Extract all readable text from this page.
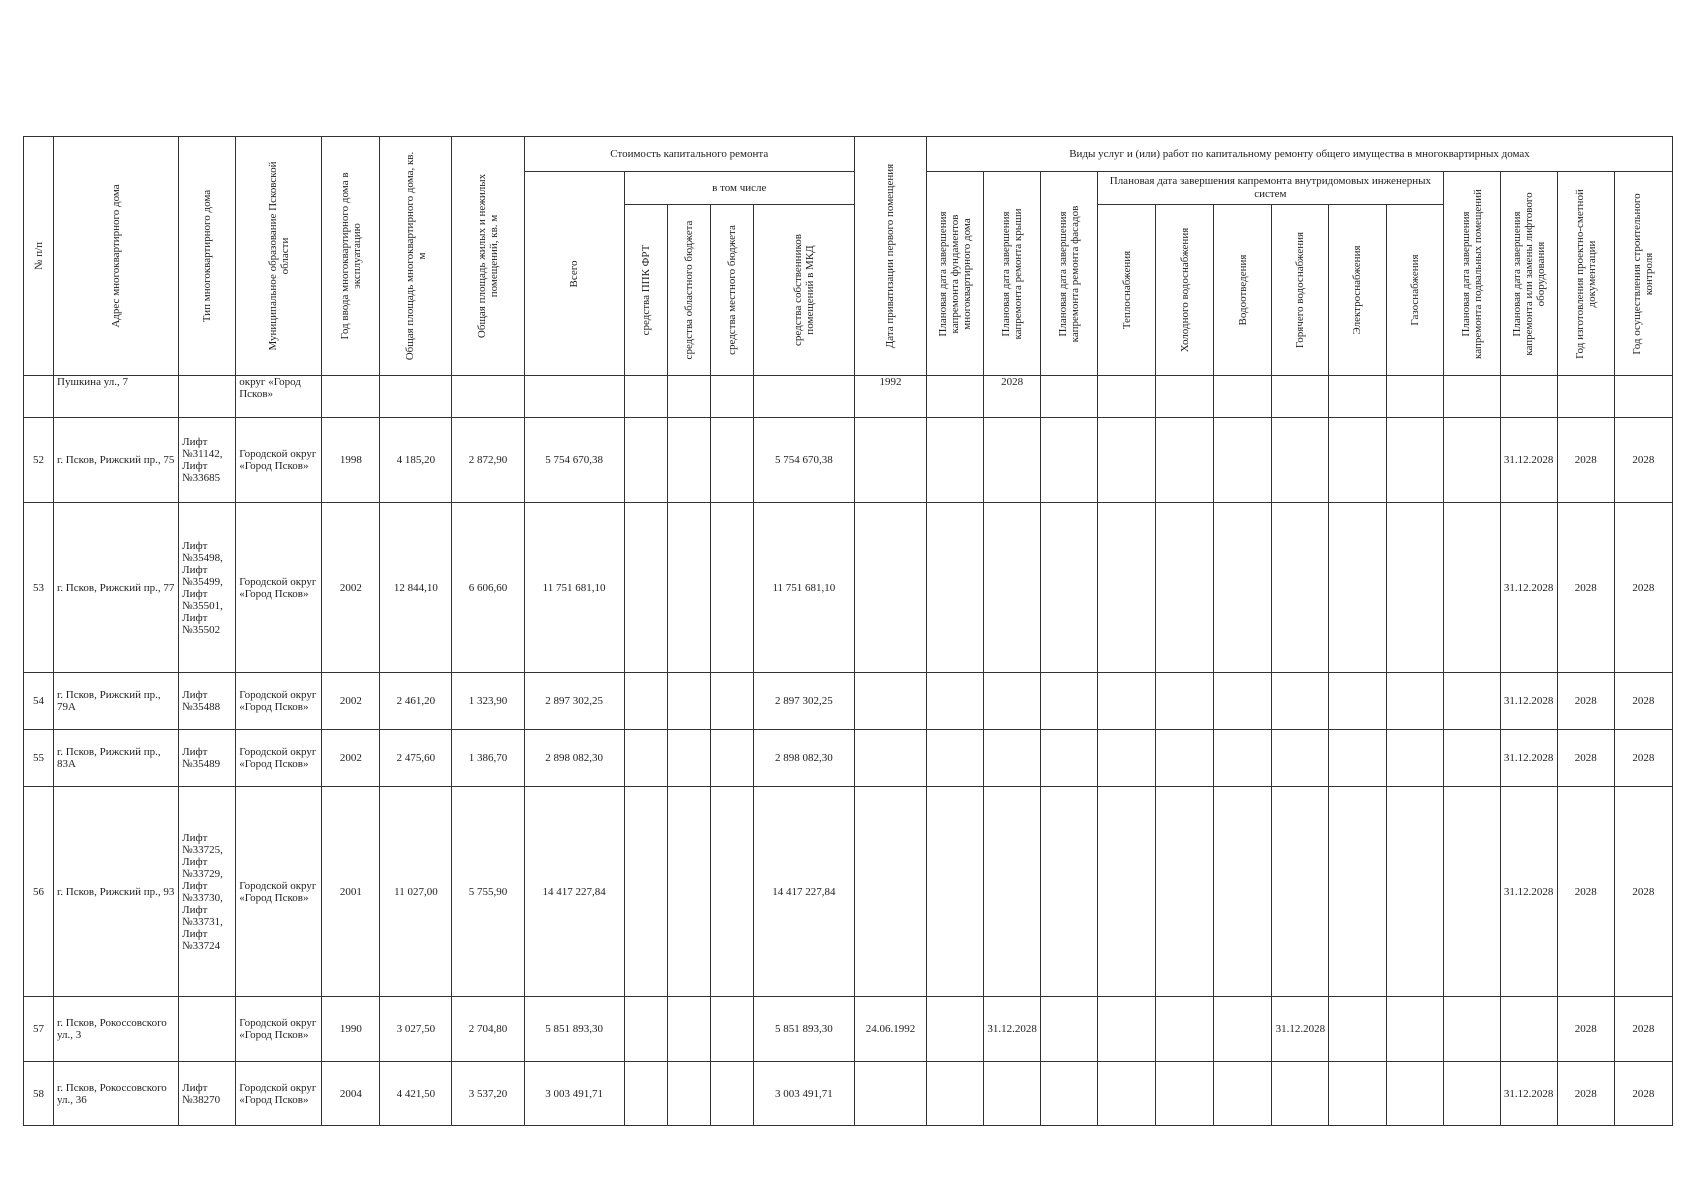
№ п/п	Адрес многоквартирного дома	Тип многоквартирного дома	Муниципальное образование Псковской области	Год ввода многоквартирного дома в эксплуатацию	Общая площадь многоквартирного дома, кв. м	Общая площадь жилых и нежилых помещений, кв. м	Стоимость капитального ремонта					Дата приватизации первого помещения	Виды услуг и (или) работ по капитальному ремонту общего имущества в многоквартирных домах												

							Всего	в том числе					Плановая дата завершения капремонта фундаментов многоквартирного дома	Плановая дата завершения капремонта ремонта крыши	Плановая дата завершения капремонта ремонта фасадов	Плановая дата завершения капремонта внутридомовых инженерных систем						Плановая дата завершения капремонта подвальных помещений	Плановая дата завершения капремонта или замены лифтового оборудования	Год изготовления проектно-сметной документации	Год осуществления строительного контроля

								средства ППК ФРТ	средства областного бюджета	средства местного бюджета	средства собственников помещений в МКД					Теплоснабжения	Холодного водоснабжения	Водоотведения	Горячего водоснабжения	Электроснабжения	Газоснабжения				

	Пушкина ул., 7		округ «Город Псков»									1992		2028											
52	г. Псков, Рижский пр., 75	Лифт №31142, Лифт №33685	Городской округ «Город Псков»	1998	4 185,20	2 872,90	5 754 670,38				5 754 670,38												31.12.2028	2028	2028
53	г. Псков, Рижский пр., 77	Лифт №35498, Лифт №35499, Лифт №35501, Лифт №35502	Городской округ «Город Псков»	2002	12 844,10	6 606,60	11 751 681,10				11 751 681,10												31.12.2028	2028	2028
54	г. Псков, Рижский пр., 79А	Лифт №35488	Городской округ «Город Псков»	2002	2 461,20	1 323,90	2 897 302,25				2 897 302,25												31.12.2028	2028	2028
55	г. Псков, Рижский пр., 83А	Лифт №35489	Городской округ «Город Псков»	2002	2 475,60	1 386,70	2 898 082,30				2 898 082,30												31.12.2028	2028	2028
56	г. Псков, Рижский пр., 93	Лифт №33725, Лифт №33729, Лифт №33730, Лифт №33731, Лифт №33724	Городской округ «Город Псков»	2001	11 027,00	5 755,90	14 417 227,84				14 417 227,84												31.12.2028	2028	2028
57	г. Псков, Рокоссовского ул., 3		Городской округ «Город Псков»	1990	3 027,50	2 704,80	5 851 893,30				5 851 893,30	24.06.1992		31.12.2028					31.12.2028					2028	2028
58	г. Псков, Рокоссовского ул., 36	Лифт №38270	Городской округ «Город Псков»	2004	4 421,50	3 537,20	3 003 491,71				3 003 491,71												31.12.2028	2028	2028
